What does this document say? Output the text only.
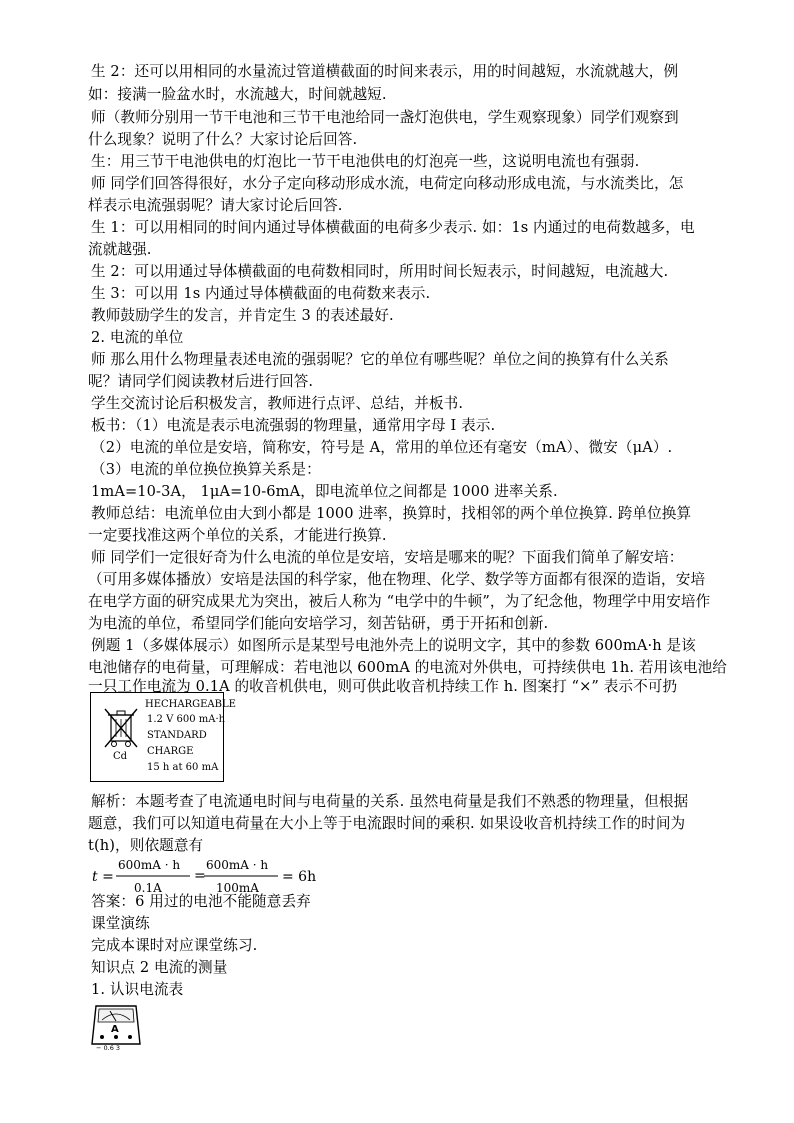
生 2：还可以用相同的水量流过管道横截面的时间来表示，用的时间越短，水流就越大，例
如：接满一脸盆水时，水流越大，时间就越短.
师（教师分别用一节干电池和三节干电池给同一盏灯泡供电，学生观察现象）同学们观察到
什么现象？说明了什么？大家讨论后回答.
生：用三节干电池供电的灯泡比一节干电池供电的灯泡亮一些，这说明电流也有强弱.
师 同学们回答得很好，水分子定向移动形成水流，电荷定向移动形成电流，与水流类比，怎
样表示电流强弱呢？请大家讨论后回答.
生 1：可以用相同的时间内通过导体横截面的电荷多少表示. 如：1s 内通过的电荷数越多，电
流就越强.
生 2：可以用通过导体横截面的电荷数相同时，所用时间长短表示，时间越短，电流越大.
生 3：可以用 1s 内通过导体横截面的电荷数来表示.
教师鼓励学生的发言，并肯定生 3 的表述最好.
2. 电流的单位
师 那么用什么物理量表述电流的强弱呢？它的单位有哪些呢？单位之间的换算有什么关系
呢？请同学们阅读教材后进行回答.
学生交流讨论后积极发言，教师进行点评、总结，并板书.
板书：（1）电流是表示电流强弱的物理量，通常用字母 I 表示.
（2）电流的单位是安培，简称安，符号是 A，常用的单位还有毫安（mA）、微安（μA）.
（3）电流的单位换位换算关系是：
1mA=10-3A， 1μA=10-6mA，即电流单位之间都是 1000 进率关系.
教师总结：电流单位由大到小都是 1000 进率，换算时，找相邻的两个单位换算. 跨单位换算
一定要找准这两个单位的关系，才能进行换算.
师 同学们一定很好奇为什么电流的单位是安培，安培是哪来的呢？下面我们简单了解安培：
（可用多媒体播放）安培是法国的科学家，他在物理、化学、数学等方面都有很深的造诣，安培
在电学方面的研究成果尤为突出，被后人称为 “电学中的牛顿”，为了纪念他，物理学中用安培作
为电流的单位，希望同学们能向安培学习，刻苦钻研，勇于开拓和创新.
例题 1（多媒体展示）如图所示是某型号电池外壳上的说明文字，其中的参数 600mA·h 是该
电池储存的电荷量，可理解成：若电池以 600mA 的电流对外供电，可持续供电 1h. 若用该电池给
一只工作电流为 0.1A 的收音机供电，则可供此收音机持续工作 h. 图案打 “×” 表示不可扔
Cd
HECHARGEABLE
1.2 V 600 mA·h
STANDARD
CHARGE
15 h at 60 mA
解析：本题考查了电流通电时间与电荷量的关系. 虽然电荷量是我们不熟悉的物理量，但根据
题意，我们可以知道电荷量在大小上等于电流跟时间的乘积. 如果设收音机持续工作的时间为
t(h)，则依题意有
t =
600mA · h
0.1A
=
600mA · h
100mA
= 6h
答案：6 用过的电池不能随意丢弃
课堂演练
完成本课时对应课堂练习.
知识点 2 电流的测量
1. 认识电流表
A
− 0.6 3
